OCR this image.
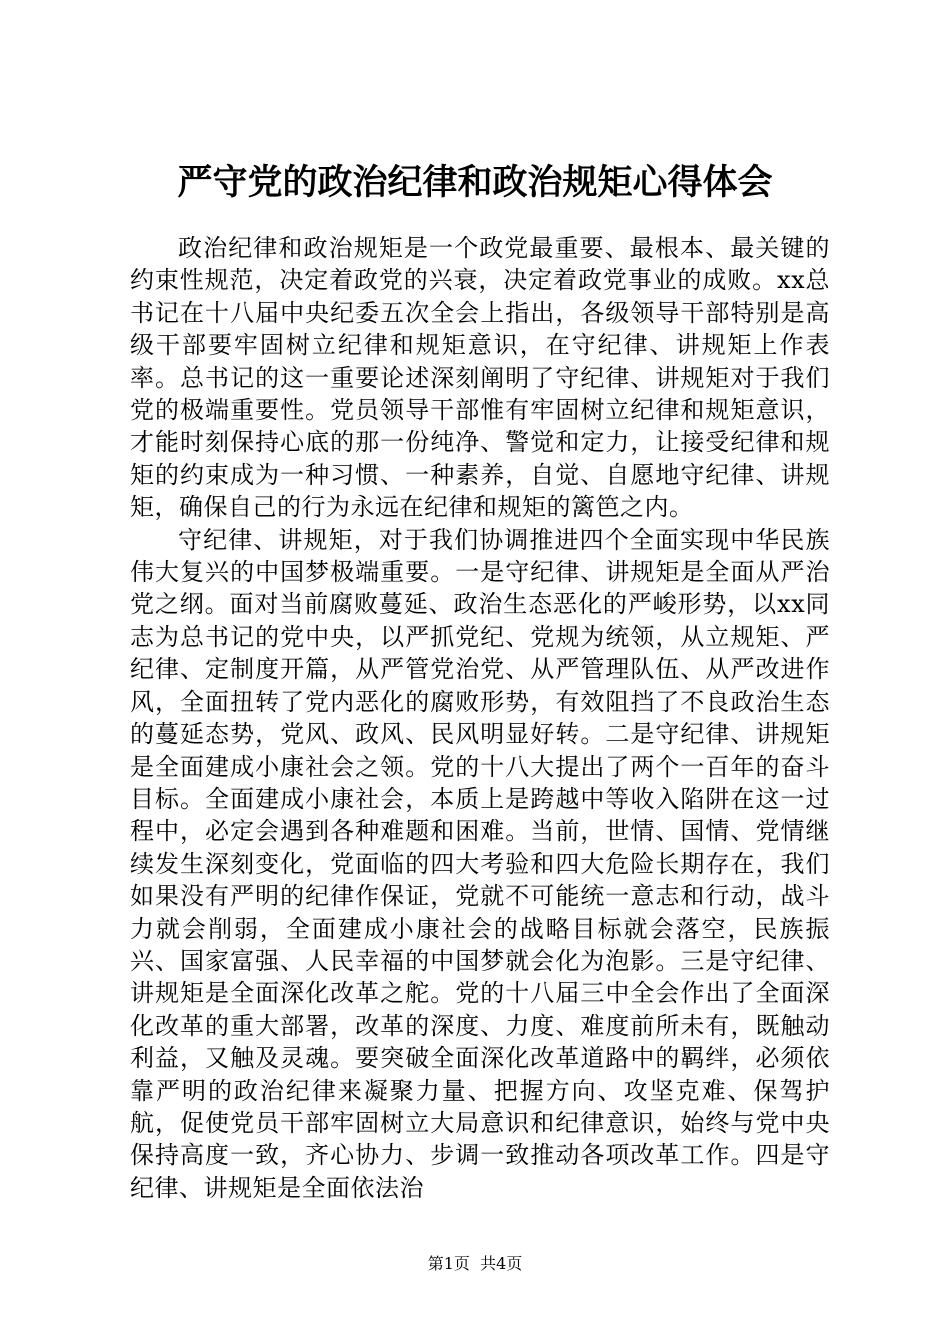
严守党的政治纪律和政治规矩心得体会

政治纪律和政治规矩是一个政党最重要、最根本、最关键的约束性规范，决定着政党的兴衰，决定着政党事业的成败。xx总书记在十八届中央纪委五次全会上指出，各级领导干部特别是高级干部要牢固树立纪律和规矩意识，在守纪律、讲规矩上作表率。总书记的这一重要论述深刻阐明了守纪律、讲规矩对于我们党的极端重要性。党员领导干部惟有牢固树立纪律和规矩意识，才能时刻保持心底的那一份纯净、警觉和定力，让接受纪律和规矩的约束成为一种习惯、一种素养，自觉、自愿地守纪律、讲规矩，确保自己的行为永远在纪律和规矩的篱笆之内。

守纪律、讲规矩，对于我们协调推进四个全面实现中华民族伟大复兴的中国梦极端重要。一是守纪律、讲规矩是全面从严治党之纲。面对当前腐败蔓延、政治生态恶化的严峻形势，以xx同志为总书记的党中央，以严抓党纪、党规为统领，从立规矩、严纪律、定制度开篇，从严管党治党、从严管理队伍、从严改进作风，全面扭转了党内恶化的腐败形势，有效阻挡了不良政治生态的蔓延态势，党风、政风、民风明显好转。二是守纪律、讲规矩是全面建成小康社会之领。党的十八大提出了两个一百年的奋斗目标。全面建成小康社会，本质上是跨越中等收入陷阱在这一过程中，必定会遇到各种难题和困难。当前，世情、国情、党情继续发生深刻变化，党面临的四大考验和四大危险长期存在，我们如果没有严明的纪律作保证，党就不可能统一意志和行动，战斗力就会削弱，全面建成小康社会的战略目标就会落空，民族振兴、国家富强、人民幸福的中国梦就会化为泡影。三是守纪律、讲规矩是全面深化改革之舵。党的十八届三中全会作出了全面深化改革的重大部署，改革的深度、力度、难度前所未有，既触动利益，又触及灵魂。要突破全面深化改革道路中的羁绊，必须依靠严明的政治纪律来凝聚力量、把握方向、攻坚克难、保驾护航，促使党员干部牢固树立大局意识和纪律意识，始终与党中央保持高度一致，齐心协力、步调一致推动各项改革工作。四是守纪律、讲规矩是全面依法治

第1页 共4页
